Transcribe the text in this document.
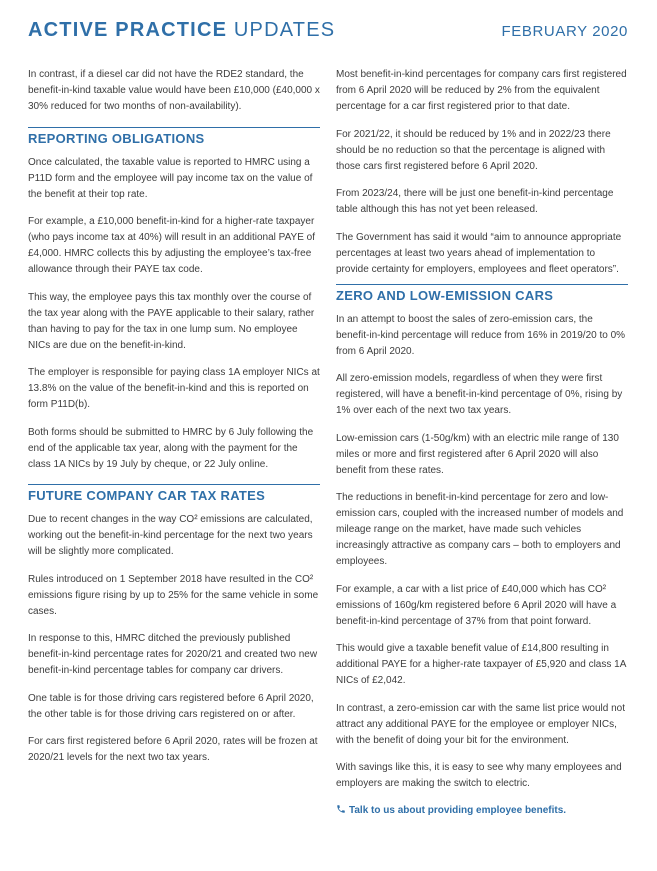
ACTIVE PRACTICE UPDATES	FEBRUARY 2020

In contrast, if a diesel car did not have the RDE2 standard, the benefit-in-kind taxable value would have been £10,000 (£40,000 x 30% reduced for two months of non-availability).

REPORTING OBLIGATIONS

Once calculated, the taxable value is reported to HMRC using a P11D form and the employee will pay income tax on the value of the benefit at their top rate.

For example, a £10,000 benefit-in-kind for a higher-rate taxpayer (who pays income tax at 40%) will result in an additional PAYE of £4,000. HMRC collects this by adjusting the employee’s tax-free allowance through their PAYE tax code.

This way, the employee pays this tax monthly over the course of the tax year along with the PAYE applicable to their salary, rather than having to pay for the tax in one lump sum. No employee NICs are due on the benefit-in-kind.

The employer is responsible for paying class 1A employer NICs at 13.8% on the value of the benefit-in-kind and this is reported on form P11D(b).

Both forms should be submitted to HMRC by 6 July following the end of the applicable tax year, along with the payment for the class 1A NICs by 19 July by cheque, or 22 July online.

FUTURE COMPANY CAR TAX RATES

Due to recent changes in the way CO² emissions are calculated, working out the benefit-in-kind percentage for the next two years will be slightly more complicated.

Rules introduced on 1 September 2018 have resulted in the CO² emissions figure rising by up to 25% for the same vehicle in some cases.

In response to this, HMRC ditched the previously published benefit-in-kind percentage rates for 2020/21 and created two new benefit-in-kind percentage tables for company car drivers.

One table is for those driving cars registered before 6 April 2020, the other table is for those driving cars registered on or after.

For cars first registered before 6 April 2020, rates will be frozen at 2020/21 levels for the next two tax years.

Most benefit-in-kind percentages for company cars first registered from 6 April 2020 will be reduced by 2% from the equivalent percentage for a car first registered prior to that date.

For 2021/22, it should be reduced by 1% and in 2022/23 there should be no reduction so that the percentage is aligned with those cars first registered before 6 April 2020.

From 2023/24, there will be just one benefit-in-kind percentage table although this has not yet been released.

The Government has said it would “aim to announce appropriate percentages at least two years ahead of implementation to provide certainty for employers, employees and fleet operators”.

ZERO AND LOW-EMISSION CARS

In an attempt to boost the sales of zero-emission cars, the benefit-in-kind percentage will reduce from 16% in 2019/20 to 0% from 6 April 2020.

All zero-emission models, regardless of when they were first registered, will have a benefit-in-kind percentage of 0%, rising by 1% over each of the next two tax years.

Low-emission cars (1-50g/km) with an electric mile range of 130 miles or more and first registered after 6 April 2020 will also benefit from these rates.

The reductions in benefit-in-kind percentage for zero and low-emission cars, coupled with the increased number of models and mileage range on the market, have made such vehicles increasingly attractive as company cars – both to employers and employees.

For example, a car with a list price of £40,000 which has CO² emissions of 160g/km registered before 6 April 2020 will have a benefit-in-kind percentage of 37% from that point forward.

This would give a taxable benefit value of £14,800 resulting in additional PAYE for a higher-rate taxpayer of £5,920 and class 1A NICs of £2,042.

In contrast, a zero-emission car with the same list price would not attract any additional PAYE for the employee or employer NICs, with the benefit of doing your bit for the environment.

With savings like this, it is easy to see why many employees and employers are making the switch to electric.

Talk to us about providing employee benefits.
